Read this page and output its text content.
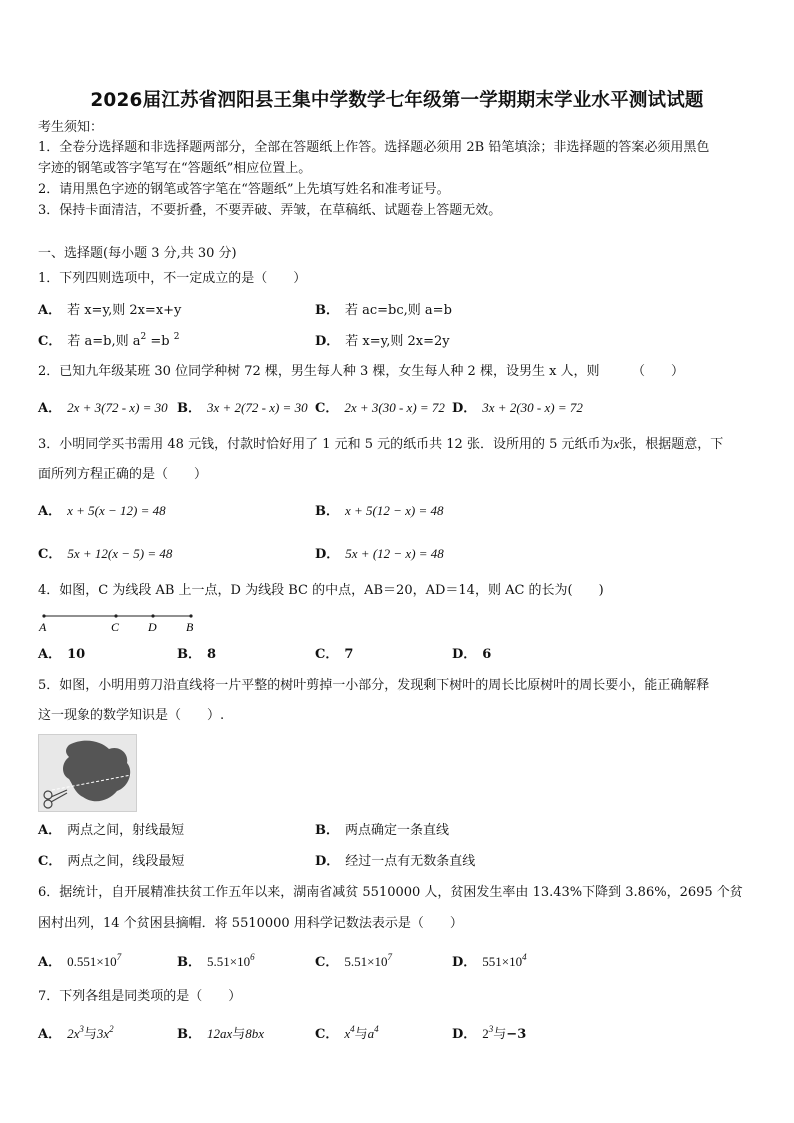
2026届江苏省泗阳县王集中学数学七年级第一学期期末学业水平测试试题
考生须知：
1．全卷分选择题和非选择题两部分，全部在答题纸上作答。选择题必须用 2B 铅笔填涂；非选择题的答案必须用黑色
字迹的钢笔或答字笔写在“答题纸”相应位置上。
2．请用黑色字迹的钢笔或答字笔在“答题纸”上先填写姓名和准考证号。
3．保持卡面清洁，不要折叠，不要弄破、弄皱，在草稿纸、试题卷上答题无效。
一、选择题(每小题 3 分,共 30 分)
1．下列四则选项中，不一定成立的是（　　）
A． 若 x=y,则 2x=x+y	B． 若 ac=bc,则 a=b
C． 若 a=b,则 $a^2 =b$ $^2$	D． 若 x=y,则 2x=2y
2．已知九年级某班 30 位同学种树 72 棵，男生每人种 3 棵，女生每人种 2 棵，设男生 x 人，则　　　（　　）
A． 2x + 3(72 - x) = 30 B． 3x + 2(72 - x) = 30 C． 2x + 3(30 - x) = 72 D． 3x + 2(30 - x) = 72
3．小明同学买书需用 48 元钱，付款时恰好用了 1 元和 5 元的纸币共 12 张．设所用的 5 元纸币为x张，根据题意，下
面所列方程正确的是（　　）
A． x + 5(x − 12) = 48	B． x + 5(12 − x) = 48
C． 5x + 12(x − 5) = 48	D． 5x + (12 − x) = 48
4．如图，C 为线段 AB 上一点，D 为线段 BC 的中点，AB＝20，AD＝14，则 AC 的长为(　　)
A	C D B
A． 10	B． 8	C． 7	D． 6
5．如图，小明用剪刀沿直线将一片平整的树叶剪掉一小部分，发现剩下树叶的周长比原树叶的周长要小，能正确解释
这一现象的数学知识是（　　）.
A． 两点之间，射线最短	B． 两点确定一条直线
C． 两点之间，线段最短	D． 经过一点有无数条直线
6．据统计，自开展精准扶贫工作五年以来，湖南省减贫 5510000 人，贫困发生率由 13.43%下降到 3.86%，2695 个贫
困村出列，14 个贫困县摘帽．将 5510000 用科学记数法表示是（　　）
A． $0.551\times 10^7$	B． $5.51\times 10^6$	C． $5.51\times 10^7$	D． $551\times 10^4$
7．下列各组是同类项的是（　　）
A． $2x^3$与$3x^2$	B． 12ax与8bx	C． $x^4$与$a^4$	D． $2^3$与−3
